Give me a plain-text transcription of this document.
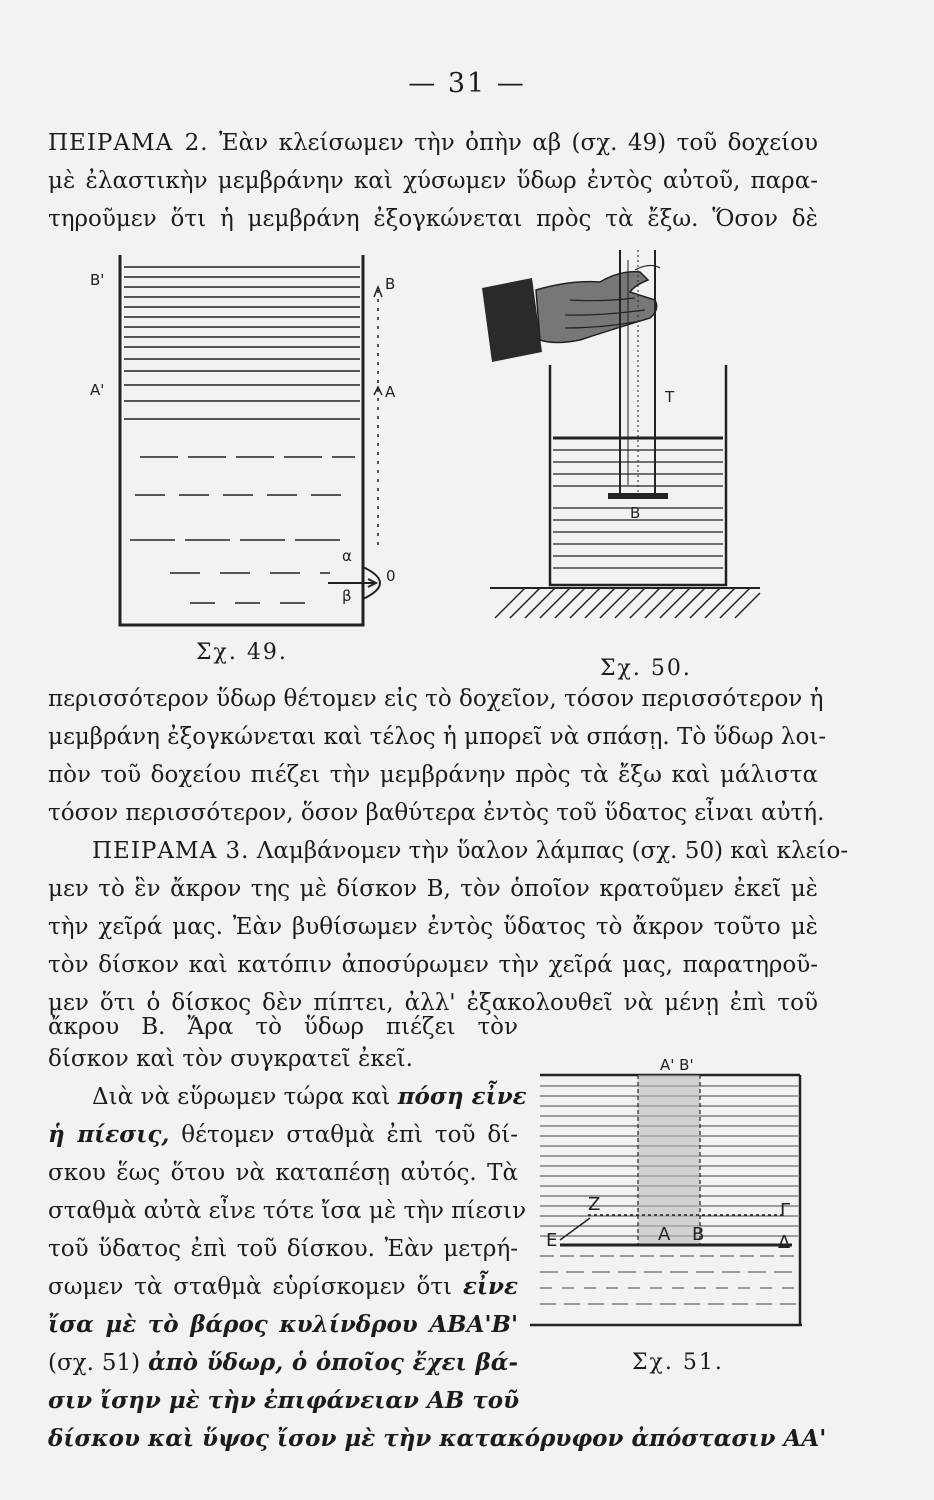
— 31 —
ΠΕΙΡΑΜΑ 2. Ἐὰν κλείσωμεν τὴν ὀπὴν αβ (σχ. 49) τοῦ δοχείου
μὲ ἐλαστικὴν μεμβράνην καὶ χύσωμεν ὕδωρ ἐντὸς αὐτοῦ, παρα-
τηροῦμεν ὅτι ἡ μεμβράνη ἐξογκώνεται πρὸς τὰ ἔξω. Ὅσον δὲ
Β'
Α'
Β
Α
α
β
0
Σχ. 49.
Τ
Β
Σχ. 50.
περισσότερον ὕδωρ θέτομεν εἰς τὸ δοχεῖον, τόσον περισσότερον ἡ
μεμβράνη ἐξογκώνεται καὶ τέλος ἡ μπορεῖ νὰ σπάσῃ. Τὸ ὕδωρ λοι-
πὸν τοῦ δοχείου πιέζει τὴν μεμβράνην πρὸς τὰ ἔξω καὶ μάλιστα
τόσον περισσότερον, ὅσον βαθύτερα ἐντὸς τοῦ ὕδατος εἶναι αὐτή.
ΠΕΙΡΑΜΑ 3. Λαμβάνομεν τὴν ὕαλον λάμπας (σχ. 50) καὶ κλείο-
μεν τὸ ἓν ἄκρον της μὲ δίσκον Β, τὸν ὁποῖον κρατοῦμεν ἐκεῖ μὲ
τὴν χεῖρά μας. Ἐὰν βυθίσωμεν ἐντὸς ὕδατος τὸ ἄκρον τοῦτο μὲ
τὸν δίσκον καὶ κατόπιν ἀποσύρωμεν τὴν χεῖρά μας, παρατηροῦ-
μεν ὅτι ὁ δίσκος δὲν πίπτει, ἀλλ' ἐξακολουθεῖ νὰ μένῃ ἐπὶ τοῦ
ἄκρου Β. Ἄρα τὸ ὕδωρ πιέζει τὸν
δίσκον καὶ τὸν συγκρατεῖ ἐκεῖ.
Διὰ νὰ εὕρωμεν τώρα καὶ πόση εἶνε
ἡ πίεσις, θέτομεν σταθμὰ ἐπὶ τοῦ δί-
σκου ἕως ὅτου νὰ καταπέσῃ αὐτός. Τὰ
σταθμὰ αὐτὰ εἶνε τότε ἴσα μὲ τὴν πίεσιν
τοῦ ὕδατος ἐπὶ τοῦ δίσκου. Ἐὰν μετρή-
σωμεν τὰ σταθμὰ εὑρίσκομεν ὅτι εἶνε
ἴσα μὲ τὸ βάρος κυλίνδρου ΑΒΑ'Β'
(σχ. 51) ἀπὸ ὕδωρ, ὁ ὁποῖος ἔχει βά-
σιν ἴσην μὲ τὴν ἐπιφάνειαν ΑΒ τοῦ
δίσκου καὶ ὕψος ἴσον μὲ τὴν κατακόρυφον ἀπόστασιν ΑΑ'
Α' Β'
Ζ	Γ
Ε	Α Β	Δ
Σχ. 51.
